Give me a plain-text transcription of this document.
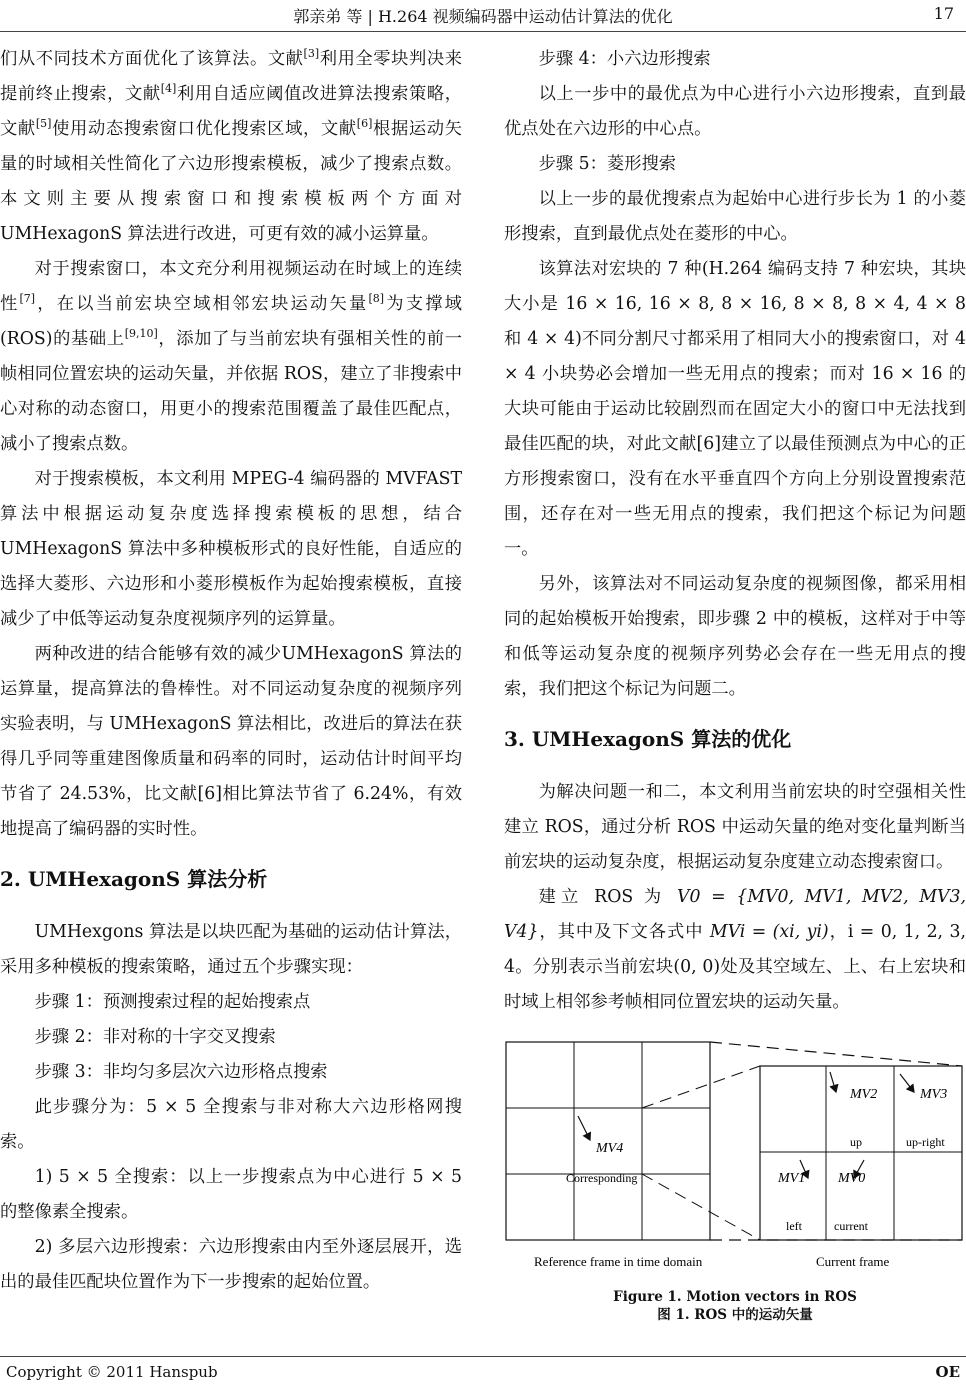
郭亲弟 等 | H.264 视频编码器中运动估计算法的优化	17

们从不同技术方面优化了该算法。文献[3]利用全零块判决来提前终止搜索，文献[4]利用自适应阈值改进算法搜索策略，文献[5]使用动态搜索窗口优化搜索区域，文献[6]根据运动矢量的时域相关性简化了六边形搜索模板，减少了搜索点数。本文则主要从搜索窗口和搜索模板两个方面对 UMHexagonS 算法进行改进，可更有效的减小运算量。

对于搜索窗口，本文充分利用视频运动在时域上的连续性[7]，在以当前宏块空域相邻宏块运动矢量[8]为支撑域(ROS)的基础上[9,10]，添加了与当前宏块有强相关性的前一帧相同位置宏块的运动矢量，并依据 ROS，建立了非搜索中心对称的动态窗口，用更小的搜索范围覆盖了最佳匹配点，减小了搜索点数。

对于搜索模板，本文利用 MPEG-4 编码器的 MVFAST 算法中根据运动复杂度选择搜索模板的思想，结合 UMHexagonS 算法中多种模板形式的良好性能，自适应的选择大菱形、六边形和小菱形模板作为起始搜索模板，直接减少了中低等运动复杂度视频序列的运算量。

两种改进的结合能够有效的减少UMHexagonS 算法的运算量，提高算法的鲁棒性。对不同运动复杂度的视频序列实验表明，与 UMHexagonS 算法相比，改进后的算法在获得几乎同等重建图像质量和码率的同时，运动估计时间平均节省了 24.53%，比文献[6]相比算法节省了 6.24%，有效地提高了编码器的实时性。

2. UMHexagonS 算法分析

UMHexgons 算法是以块匹配为基础的运动估计算法，采用多种模板的搜索策略，通过五个步骤实现：

步骤 1：预测搜索过程的起始搜索点

步骤 2：非对称的十字交叉搜索

步骤 3：非均匀多层次六边形格点搜索

此步骤分为：5 × 5 全搜索与非对称大六边形格网搜索。

1) 5 × 5 全搜索：以上一步搜索点为中心进行 5 × 5 的整像素全搜索。

2) 多层六边形搜索：六边形搜索由内至外逐层展开，选出的最佳匹配块位置作为下一步搜索的起始位置。

步骤 4：小六边形搜索

以上一步中的最优点为中心进行小六边形搜索，直到最优点处在六边形的中心点。

步骤 5：菱形搜索

以上一步的最优搜索点为起始中心进行步长为 1 的小菱形搜索，直到最优点处在菱形的中心。

该算法对宏块的 7 种(H.264 编码支持 7 种宏块，其块大小是 16 × 16, 16 × 8, 8 × 16, 8 × 8, 8 × 4, 4 × 8 和 4 × 4)不同分割尺寸都采用了相同大小的搜索窗口，对 4 × 4 小块势必会增加一些无用点的搜索；而对 16 × 16 的大块可能由于运动比较剧烈而在固定大小的窗口中无法找到最佳匹配的块，对此文献[6]建立了以最佳预测点为中心的正方形搜索窗口，没有在水平垂直四个方向上分别设置搜索范围，还存在对一些无用点的搜索，我们把这个标记为问题一。

另外，该算法对不同运动复杂度的视频图像，都采用相同的起始模板开始搜索，即步骤 2 中的模板，这样对于中等和低等运动复杂度的视频序列势必会存在一些无用点的搜索，我们把这个标记为问题二。

3. UMHexagonS 算法的优化

为解决问题一和二，本文利用当前宏块的时空强相关性建立 ROS，通过分析 ROS 中运动矢量的绝对变化量判断当前宏块的运动复杂度，根据运动复杂度建立动态搜索窗口。

建立 ROS 为 V0 = {MV0, MV1, MV2, MV3, V4}，其中及下文各式中 MVi = (xi, yi)，i = 0, 1, 2, 3, 4。分别表示当前宏块(0, 0)处及其空域左、上、右上宏块和时域上相邻参考帧相同位置宏块的运动矢量。

MV4
Corresponding
MV2
up
MV3
up-right
MV1
left
MV0
current
Reference frame in time domain	Current frame
Figure 1. Motion vectors in ROS
图 1. ROS 中的运动矢量
Copyright © 2011 Hanspub	OE
